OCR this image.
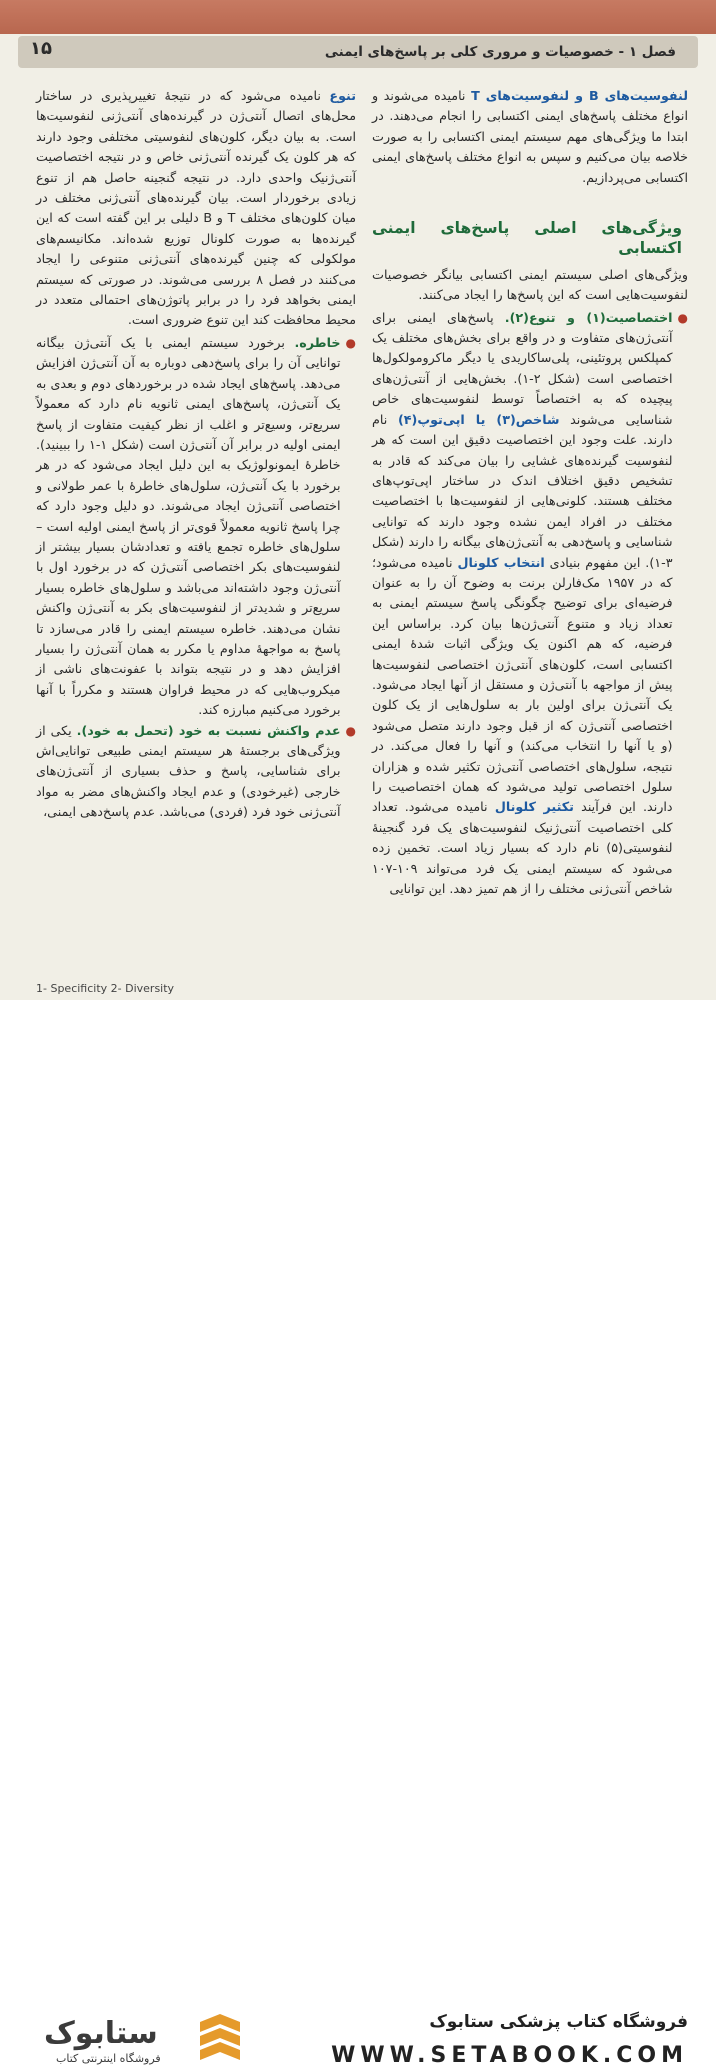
۱۵	فصل ۱ - خصوصیات و مروری کلی بر پاسخ‌های ایمنی

لنفوسیت‌های B و لنفوسیت‌های T نامیده می‌شوند و انواع مختلف پاسخ‌های ایمنی اکتسابی را انجام می‌دهند. در ابتدا ما ویژگی‌های مهم سیستم ایمنی اکتسابی را به صورت خلاصه بیان می‌کنیم و سپس به انواع مختلف پاسخ‌های ایمنی اکتسابی می‌پردازیم.

ویژگی‌های اصلی پاسخ‌های ایمنی اکتسابی

ویژگی‌های اصلی سیستم ایمنی اکتسابی بیانگر خصوصیات لنفوسیت‌هایی است که این پاسخ‌ها را ایجاد می‌کنند.

●
اختصاصیت(۱) و تنوع(۲). پاسخ‌های ایمنی برای آنتی‌ژن‌های متفاوت و در واقع برای بخش‌های مختلف یک کمپلکس پروتئینی، پلی‌ساکاریدی یا دیگر ماکرومولکول‌ها اختصاصی است (شکل ۲-۱). بخش‌هایی از آنتی‌ژن‌های پیچیده که به اختصاصاً توسط لنفوسیت‌های خاص شناسایی می‌شوند شاخص(۳) یا اپی‌توپ(۴) نام دارند. علت وجود این اختصاصیت دقیق این است که هر لنفوسیت گیرنده‌های غشایی را بیان می‌کند که قادر به تشخیص دقیق اختلاف اندک در ساختار اپی‌توپ‌های مختلف هستند. کلونی‌هایی از لنفوسیت‌ها با اختصاصیت مختلف در افراد ایمن نشده وجود دارند که توانایی شناسایی و پاسخ‌دهی به آنتی‌ژن‌های بیگانه را دارند (شکل ۳-۱). این مفهوم بنیادی انتخاب کلونال نامیده می‌شود؛ که در ۱۹۵۷ مک‌فارلن برنت به وضوح آن را به عنوان فرضیه‌ای برای توضیح چگونگی پاسخ سیستم ایمنی به تعداد زیاد و متنوع آنتی‌ژن‌ها بیان کرد. براساس این فرضیه، که هم اکنون یک ویژگی اثبات شدهٔ ایمنی اکتسابی است، کلون‌های آنتی‌ژن اختصاصی لنفوسیت‌ها پیش از مواجهه با آنتی‌ژن و مستقل از آنها ایجاد می‌شود. یک آنتی‌ژن برای اولین بار به سلول‌هایی از یک کلون اختصاصی آنتی‌ژن که از قبل وجود دارند متصل می‌شود (و یا آنها را انتخاب می‌کند) و آنها را فعال می‌کند. در نتیجه، سلول‌های اختصاصی آنتی‌ژن تکثیر شده و هزاران سلول اختصاصی تولید می‌شود که همان اختصاصیت را دارند. این فرآیند تکثیر کلونال نامیده می‌شود. تعداد کلی اختصاصیت آنتی‌ژنیک لنفوسیت‌های یک فرد گنجینهٔ لنفوسیتی(۵) نام دارد که بسیار زیاد است. تخمین زده می‌شود که سیستم ایمنی یک فرد می‌تواند ۱۰۹-۱۰۷ شاخص آنتی‌ژنی مختلف را از هم تمیز دهد. این توانایی

تنوع نامیده می‌شود که در نتیجهٔ تغییرپذیری در ساختار محل‌های اتصال آنتی‌ژن در گیرنده‌های آنتی‌ژنی لنفوسیت‌ها است. به بیان دیگر، کلون‌های لنفوسیتی مختلفی وجود دارند که هر کلون یک گیرنده آنتی‌ژنی خاص و در نتیجه اختصاصیت آنتی‌ژنیک واحدی دارد. در نتیجه گنجینه حاصل هم از تنوع زیادی برخوردار است. بیان گیرنده‌های آنتی‌ژنی مختلف در میان کلون‌های مختلف T و B دلیلی بر این گفته است که این گیرنده‌ها به صورت کلونال توزیع شده‌اند. مکانیسم‌های مولکولی که چنین گیرنده‌های آنتی‌ژنی متنوعی را ایجاد می‌کنند در فصل ۸ بررسی می‌شوند. در صورتی که سیستم ایمنی بخواهد فرد را در برابر پاتوژن‌های احتمالی متعدد در محیط محافظت کند این تنوع ضروری است.

●
خاطره. برخورد سیستم ایمنی با یک آنتی‌ژن بیگانه توانایی آن را برای پاسخ‌دهی دوباره به آن آنتی‌ژن افزایش می‌دهد. پاسخ‌های ایجاد شده در برخوردهای دوم و بعدی به یک آنتی‌ژن، پاسخ‌های ایمنی ثانویه نام دارد که معمولاً سریع‌تر، وسیع‌تر و اغلب از نظر کیفیت متفاوت از پاسخ ایمنی اولیه در برابر آن آنتی‌ژن است (شکل ۱-۱ را ببینید). خاطرهٔ ایمونولوژیک به این دلیل ایجاد می‌شود که در هر برخورد با یک آنتی‌ژن، سلول‌های خاطرهٔ با عمر طولانی و اختصاصی آنتی‌ژن ایجاد می‌شوند. دو دلیل وجود دارد که چرا پاسخ ثانویه معمولاً قوی‌تر از پاسخ ایمنی اولیه است – سلول‌های خاطره تجمع یافته و تعدادشان بسیار بیشتر از لنفوسیت‌های بکر اختصاصی آنتی‌ژن که در برخورد اول با آنتی‌ژن وجود داشته‌اند می‌باشد و سلول‌های خاطره بسیار سریع‌تر و شدیدتر از لنفوسیت‌های بکر به آنتی‌ژن واکنش نشان می‌دهند. خاطره سیستم ایمنی را قادر می‌سازد تا پاسخ به مواجههٔ مداوم یا مکرر به همان آنتی‌ژن را بسیار افزایش دهد و در نتیجه بتواند با عفونت‌های ناشی از میکروب‌هایی که در محیط فراوان هستند و مکرراً با آنها برخورد می‌کنیم مبارزه کند.
●
عدم واکنش نسبت به خود (تحمل به خود). یکی از ویژگی‌های برجستهٔ هر سیستم ایمنی طبیعی توانایی‌اش برای شناسایی، پاسخ و حذف بسیاری از آنتی‌ژن‌های خارجی (غیرخودی) و عدم ایجاد واکنش‌های مضر به مواد آنتی‌ژنی خود فرد (فردی) می‌باشد. عدم پاسخ‌دهی ایمنی،
1- Specificity 2- Diversity
ستابوک
فروشگاه اینترنتی کتاب
فروشگاه کتاب پزشکی ستابوک
WWW.SETABOOK.COM
